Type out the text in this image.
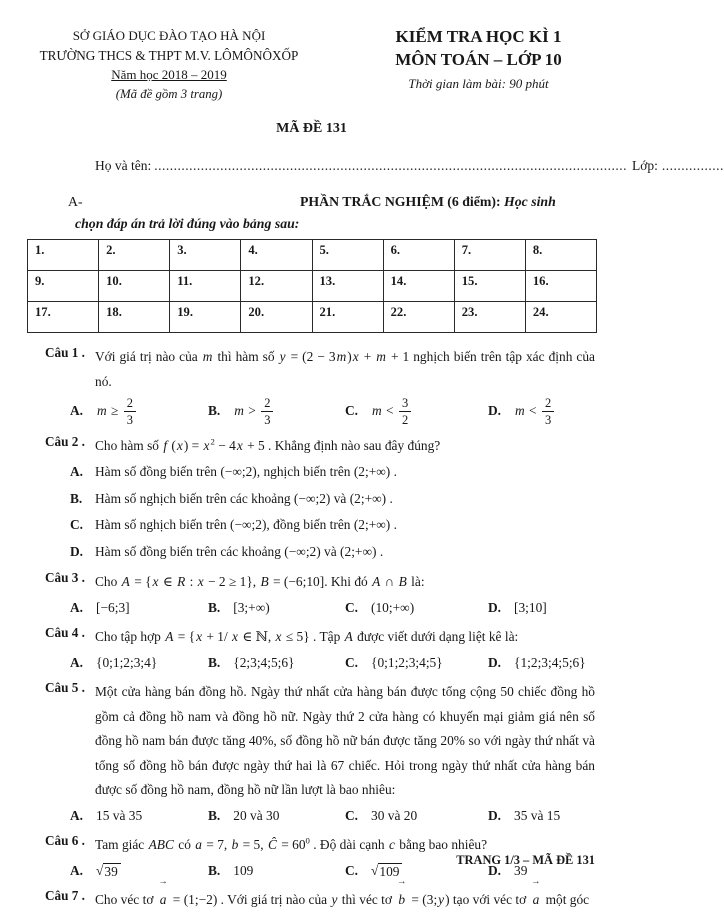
SỞ GIÁO DỤC ĐÀO TẠO HÀ NỘI
TRƯỜNG THCS & THPT M.V. LÔMÔNÔXỐP
Năm học 2018 – 2019
(Mã đề gồm 3 trang)
KIỂM TRA HỌC KÌ 1
MÔN TOÁN – LỚP 10
Thời gian làm bài: 90 phút
MÃ ĐỀ 131
Họ và tên: .......................................................................................................................... Lớp: ................
A-	PHẦN TRẮC NGHIỆM (6 điểm): Học sinh
chọn đáp án trả lời đúng vào bảng sau:
1.	2.	3.	4.	5.	6.	7.	8.
9.	10.	11.	12.	13.	14.	15.	16.
17.	18.	19.	20.	21.	22.	23.	24.
Câu 1 . Với giá trị nào của m thì hàm số y = (2 − 3m)x + m + 1 nghịch biến trên tập xác định của nó.
A. $m \ge \frac{2}{3}$	B. $m > \frac{2}{3}$	C. $m < \frac{3}{2}$	D. $m < \frac{2}{3}$
Câu 2 . Cho hàm số f $(x) = x^2 - 4x + 5$ . Khẳng định nào sau đây đúng?
A. Hàm số đồng biến trên (−∞;2), nghịch biến trên (2;+∞) .
B. Hàm số nghịch biến trên các khoảng (−∞;2) và (2;+∞) .
C. Hàm số nghịch biến trên (−∞;2), đồng biến trên (2;+∞) .
D. Hàm số đồng biến trên các khoảng (−∞;2) và (2;+∞) .
Câu 3 . Cho A = {x ∈ R : x − 2 ≥ 1}, B = (−6;10]. Khi đó A ∩ B là:
A. [−6;3]	B. [3;+∞)	C. (10;+∞)	D. [3;10]
Câu 4 . Cho tập hợp A = {x + 1/ x ∈ ℕ, x ≤ 5} . Tập A được viết dưới dạng liệt kê là:
A. {0;1;2;3;4}	B. {2;3;4;5;6}	C. {0;1;2;3;4;5}	D. {1;2;3;4;5;6}
Câu 5 . Một cửa hàng bán đồng hồ. Ngày thứ nhất cửa hàng bán được tổng cộng 50 chiếc đồng hồ gồm cả đồng hồ nam và đồng hồ nữ. Ngày thứ 2 cửa hàng có khuyến mại giảm giá nên số đồng hồ nam bán được tăng 40%, số đồng hồ nữ bán được tăng 20% so với ngày thứ nhất và tổng số đồng hồ bán được ngày thứ hai là 67 chiếc. Hỏi trong ngày thứ nhất cửa hàng bán được số đồng hồ nam, đồng hồ nữ lần lượt là bao nhiêu:
A. 15 và 35	B. 20 và 30	C. 30 và 20	D. 35 và 15
Câu 6 . Tam giác ABC có a = 7, b = 5, Ĉ = $60^0$ . Độ dài cạnh c bằng bao nhiêu?
A. √ 39	B. 109	C. √ 109	D. 39
Câu 7 . Cho véc tơ
→
a = (1;−2) . Với giá trị nào của y thì véc tơ
→
b = (3;y) tạo với véc tơ
→
a một góc
TRANG 1/3 – MÃ ĐỀ 131
